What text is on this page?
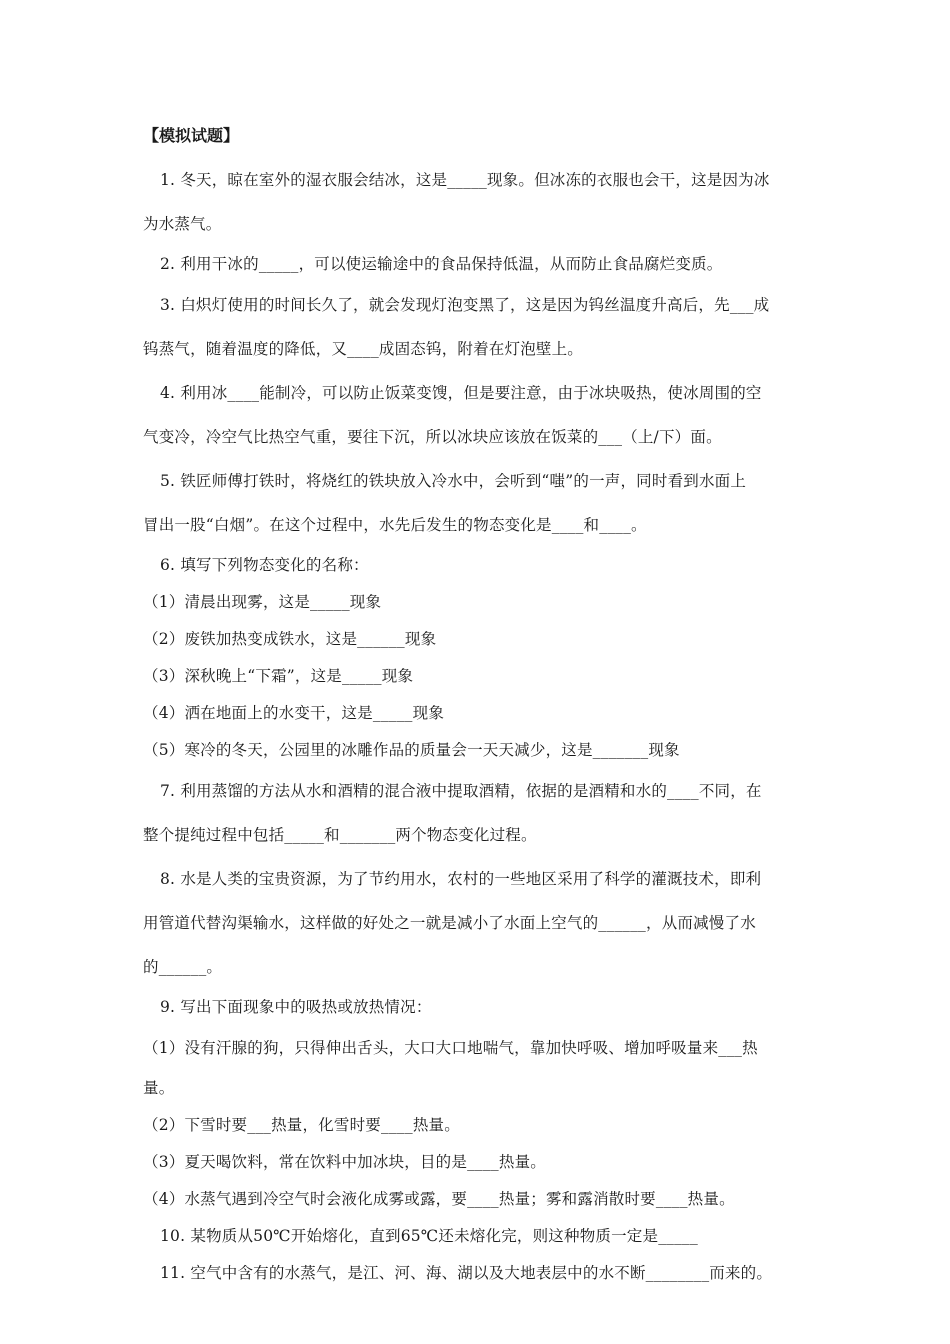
【模拟试题】
1. 冬天，晾在室外的湿衣服会结冰，这是_____现象。但冰冻的衣服也会干，这是因为冰
为水蒸气。
2. 利用干冰的_____，可以使运输途中的食品保持低温，从而防止食品腐烂变质。
3. 白炽灯使用的时间长久了，就会发现灯泡变黑了，这是因为钨丝温度升高后，先___成
钨蒸气，随着温度的降低，又____成固态钨，附着在灯泡壁上。
4. 利用冰____能制冷，可以防止饭菜变馊，但是要注意，由于冰块吸热，使冰周围的空
气变冷，冷空气比热空气重，要往下沉，所以冰块应该放在饭菜的___（上/下）面。
5. 铁匠师傅打铁时，将烧红的铁块放入冷水中，会听到“嗤”的一声，同时看到水面上
冒出一股“白烟”。在这个过程中，水先后发生的物态变化是____和____。
6. 填写下列物态变化的名称：
（1）清晨出现雾，这是_____现象
（2）废铁加热变成铁水，这是______现象
（3）深秋晚上“下霜”，这是_____现象
（4）洒在地面上的水变干，这是_____现象
（5）寒冷的冬天，公园里的冰雕作品的质量会一天天减少，这是_______现象
7. 利用蒸馏的方法从水和酒精的混合液中提取酒精，依据的是酒精和水的____不同，在
整个提纯过程中包括_____和_______两个物态变化过程。
8. 水是人类的宝贵资源，为了节约用水，农村的一些地区采用了科学的灌溉技术，即利
用管道代替沟渠输水，这样做的好处之一就是减小了水面上空气的______，从而减慢了水
的______。
9. 写出下面现象中的吸热或放热情况：
（1）没有汗腺的狗，只得伸出舌头，大口大口地喘气，靠加快呼吸、增加呼吸量来___热
量。
（2）下雪时要___热量，化雪时要____热量。
（3）夏天喝饮料，常在饮料中加冰块，目的是____热量。
（4）水蒸气遇到冷空气时会液化成雾或露，要____热量；雾和露消散时要____热量。
10. 某物质从50℃开始熔化，直到65℃还未熔化完，则这种物质一定是_____
11. 空气中含有的水蒸气，是江、河、海、湖以及大地表层中的水不断________而来的。
